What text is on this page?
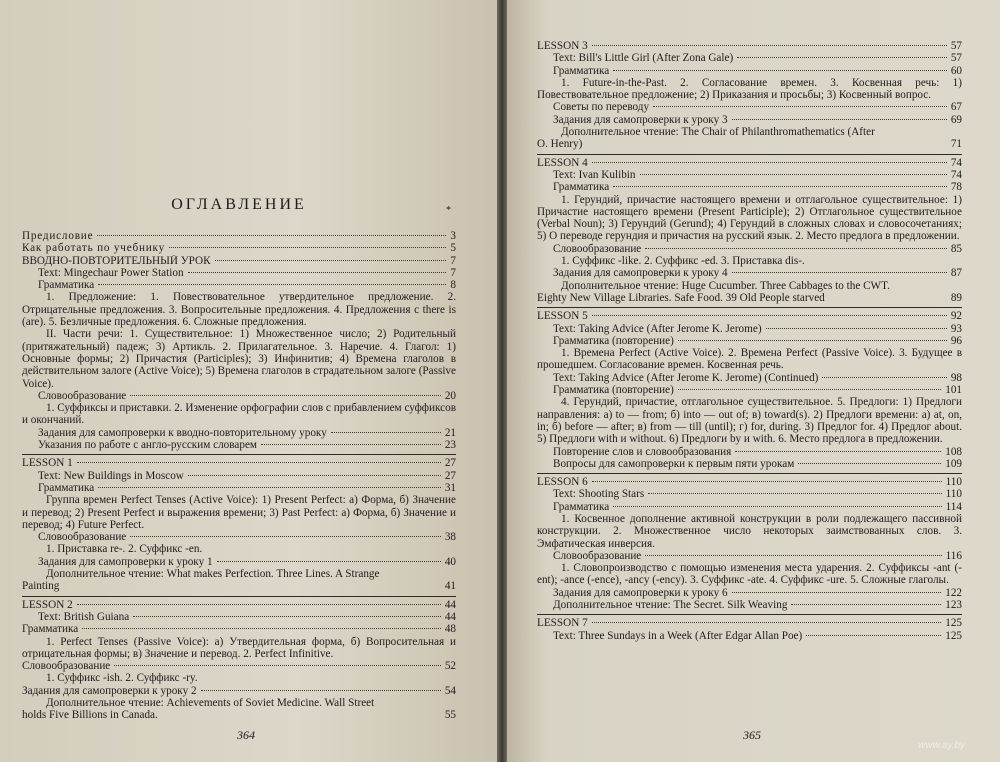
ОГЛАВЛЕНИЕ
Предисловие	3
Как работать по учебнику	5
ВВОДНО-ПОВТОРИТЕЛЬНЫЙ УРОК	7
Text: Mingechaur Power Station	7
Грамматика	8
1. Предложение: 1. Повествовательное утвердительное предложение. 2. Отрицательные предложения. 3. Вопросительные предложения. 4. Предложения с there is (are). 5. Безличные предложения. 6. Сложные предложения.
II. Части речи: 1. Существительное: 1) Множественное число; 2) Родительный (притяжательный) падеж; 3) Артикль. 2. Прилагательное. 3. Наречие. 4. Глагол: 1) Основные формы; 2) Причастия (Participles); 3) Инфинитив; 4) Времена глаголов в действительном залоге (Active Voice); 5) Времена глаголов в страдательном залоге (Passive Voice).
Словообразование	20
1. Суффиксы и приставки. 2. Изменение орфографии слов с прибавлением суффиксов и окончаний.
Задания для самопроверки к вводно-повторительному уроку	21
Указания по работе с англо-русским словарем	23
LESSON 1	27
Text: New Buildings in Moscow	27
Грамматика	31
Группа времен Perfect Tenses (Active Voice): 1) Present Perfect: а) Форма, б) Значение и перевод; 2) Present Perfect и выражения времени; 3) Past Perfect: а) Форма, б) Значение и перевод; 4) Future Perfect.
Словообразование	38
1. Приставка re-. 2. Суффикс -en.
Задания для самопроверки к уроку 1	40
Дополнительное чтение: What makes Perfection. Three Lines. A Strange
Painting	41
LESSON 2	44
Text: British Guiana	44
Грамматика	48
1. Perfect Tenses (Passive Voice): а) Утвердительная форма, б) Вопросительная и отрицательная формы; в) Значение и перевод. 2. Perfect Infinitive.
Словообразование	52
1. Суффикс -ish. 2. Суффикс -ry.
Задания для самопроверки к уроку 2	54
Дополнительное чтение: Achievements of Soviet Medicine. Wall Street
holds Five Billions in Canada.	55
*
LESSON 3	57
Text: Bill's Little Girl (After Zona Gale)	57
Грамматика	60
1. Future-in-the-Past. 2. Согласование времен. 3. Косвенная речь: 1) Повествовательное предложение; 2) Приказания и просьбы; 3) Косвенный вопрос.
Советы по переводу	67
Задания для самопроверки к уроку 3	69
Дополнительное чтение: The Chair of Philanthromathematics (After
O. Henry)	71
LESSON 4	74
Text: Ivan Kulibin	74
Грамматика	78
1. Герундий, причастие настоящего времени и отглагольное существительное: 1) Причастие настоящего времени (Present Participle); 2) Отглагольное существительное (Verbal Noun); 3) Герундий (Gerund); 4) Герундий в сложных словах и словосочетаниях; 5) О переводе герундия и причастия на русский язык. 2. Место предлога в предложении.
Словообразование	85
1. Суффикс -like. 2. Суффикс -ed. 3. Приставка dis-.
Задания для самопроверки к уроку 4	87
Дополнительное чтение: Huge Cucumber. Three Cabbages to the CWT.
Eighty New Village Libraries. Safe Food. 39 Old People starved	89
LESSON 5	92
Text: Taking Advice (After Jerome K. Jerome)	93
Грамматика (повторение)	96
1. Времена Perfect (Active Voice). 2. Времена Perfect (Passive Voice). 3. Будущее в прошедшем. Согласование времен. Косвенная речь.
Text: Taking Advice (After Jerome K. Jerome) (Continued)	98
Грамматика (повторение)	101
4. Герундий, причастие, отглагольное существительное. 5. Предлоги: 1) Предлоги направления: а) to — from; б) into — out of; в) toward(s). 2) Предлоги времени: а) at, on, in; б) before — after; в) from — till (until); г) for, during. 3) Предлог for. 4) Предлог about. 5) Предлоги with и without. 6) Предлоги by и with. 6. Место предлога в предложении.
Повторение слов и словообразования	108
Вопросы для самопроверки к первым пяти урокам	109
LESSON 6	110
Text: Shooting Stars	110
Грамматика	114
1. Косвенное дополнение активной конструкции в роли подлежащего пассивной конструкции. 2. Множественное число некоторых заимствованных слов. 3. Эмфатическая инверсия.
Словообразование	116
1. Словопроизводство с помощью изменения места ударения. 2. Суффиксы -ant (-ent); -ance (-ence), -ancy (-ency). 3. Суффикс -ate. 4. Суффикс -ure. 5. Сложные глаголы.
Задания для самопроверки к уроку 6	122
Дополнительное чтение: The Secret. Silk Weaving	123
LESSON 7	125
Text: Three Sundays in a Week (After Edgar Allan Poe)	125
364	365
www.ay.by
